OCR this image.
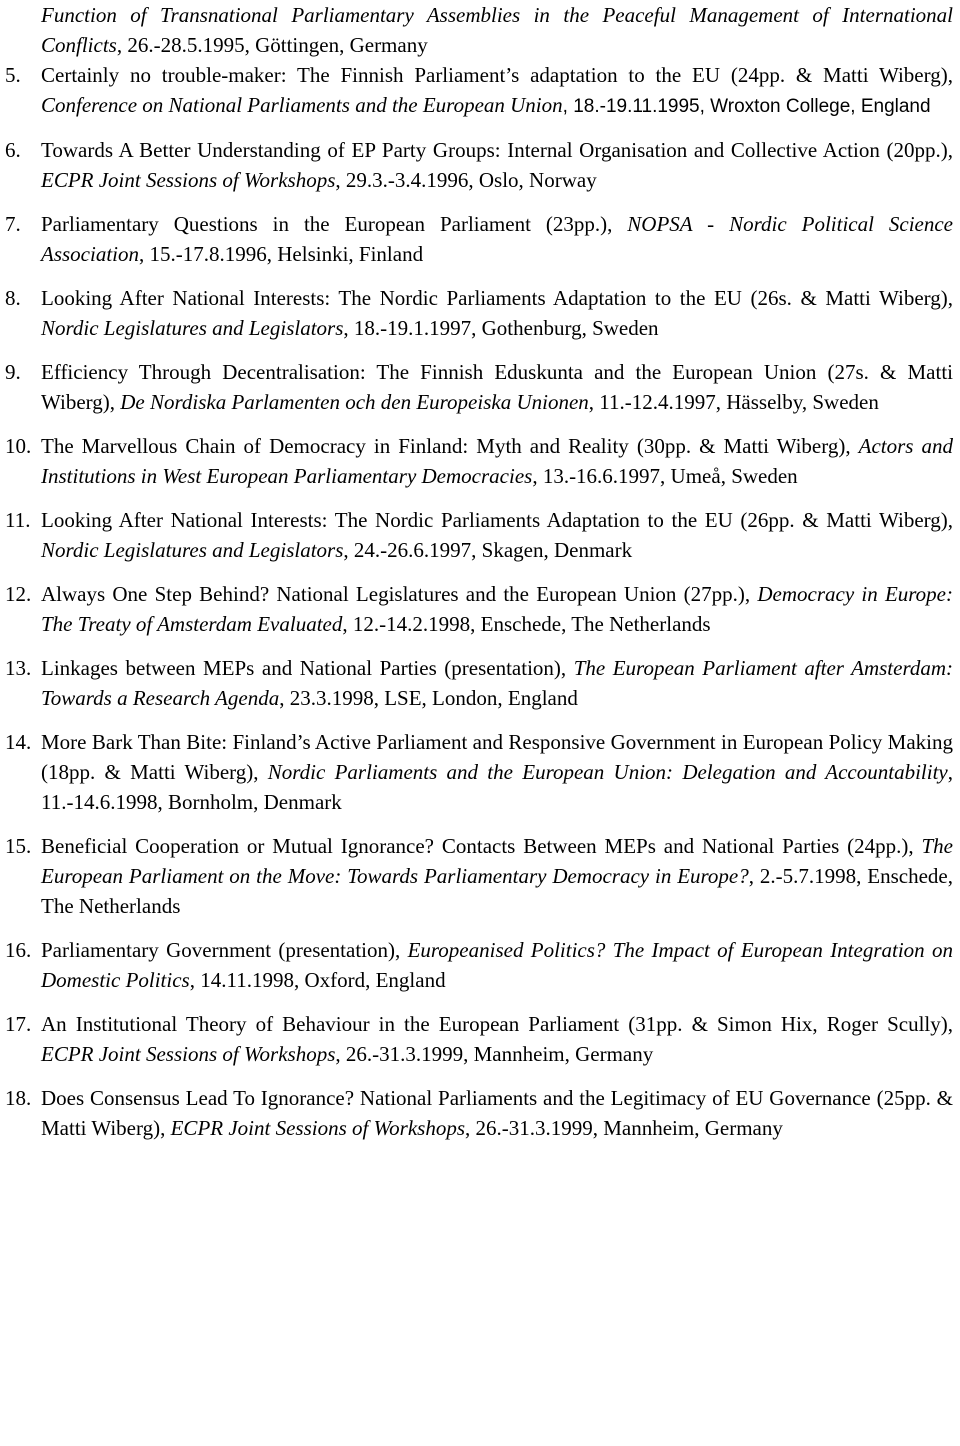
Function of Transnational Parliamentary Assemblies in the Peaceful Management of International Conflicts, 26.-28.5.1995, Göttingen, Germany

5. Certainly no trouble-maker: The Finnish Parliament’s adaptation to the EU (24pp. & Matti Wiberg), Conference on National Parliaments and the European Union, 18.-19.11.1995, Wroxton College, England
6. Towards A Better Understanding of EP Party Groups: Internal Organisation and Collective Action (20pp.), ECPR Joint Sessions of Workshops, 29.3.-3.4.1996, Oslo, Norway
7. Parliamentary Questions in the European Parliament (23pp.), NOPSA - Nordic Political Science Association, 15.-17.8.1996, Helsinki, Finland
8. Looking After National Interests: The Nordic Parliaments Adaptation to the EU (26s. & Matti Wiberg), Nordic Legislatures and Legislators, 18.-19.1.1997, Gothenburg, Sweden
9. Efficiency Through Decentralisation: The Finnish Eduskunta and the European Union (27s. & Matti Wiberg), De Nordiska Parlamenten och den Europeiska Unionen, 11.-12.4.1997, Hässelby, Sweden
10. The Marvellous Chain of Democracy in Finland: Myth and Reality (30pp. & Matti Wiberg), Actors and Institutions in West European Parliamentary Democracies, 13.-16.6.1997, Umeå, Sweden
11. Looking After National Interests: The Nordic Parliaments Adaptation to the EU (26pp. & Matti Wiberg), Nordic Legislatures and Legislators, 24.-26.6.1997, Skagen, Denmark
12. Always One Step Behind? National Legislatures and the European Union (27pp.), Democracy in Europe: The Treaty of Amsterdam Evaluated, 12.-14.2.1998, Enschede, The Netherlands
13. Linkages between MEPs and National Parties (presentation), The European Parliament after Amsterdam: Towards a Research Agenda, 23.3.1998, LSE, London, England
14. More Bark Than Bite: Finland’s Active Parliament and Responsive Government in European Policy Making (18pp. & Matti Wiberg), Nordic Parliaments and the European Union: Delegation and Accountability, 11.-14.6.1998, Bornholm, Denmark
15. Beneficial Cooperation or Mutual Ignorance? Contacts Between MEPs and National Parties (24pp.), The European Parliament on the Move: Towards Parliamentary Democracy in Europe?, 2.-5.7.1998, Enschede, The Netherlands
16. Parliamentary Government (presentation), Europeanised Politics? The Impact of European Integration on Domestic Politics, 14.11.1998, Oxford, England
17. An Institutional Theory of Behaviour in the European Parliament (31pp. & Simon Hix, Roger Scully), ECPR Joint Sessions of Workshops, 26.-31.3.1999, Mannheim, Germany
18. Does Consensus Lead To Ignorance? National Parliaments and the Legitimacy of EU Governance (25pp. & Matti Wiberg), ECPR Joint Sessions of Workshops, 26.-31.3.1999, Mannheim, Germany
